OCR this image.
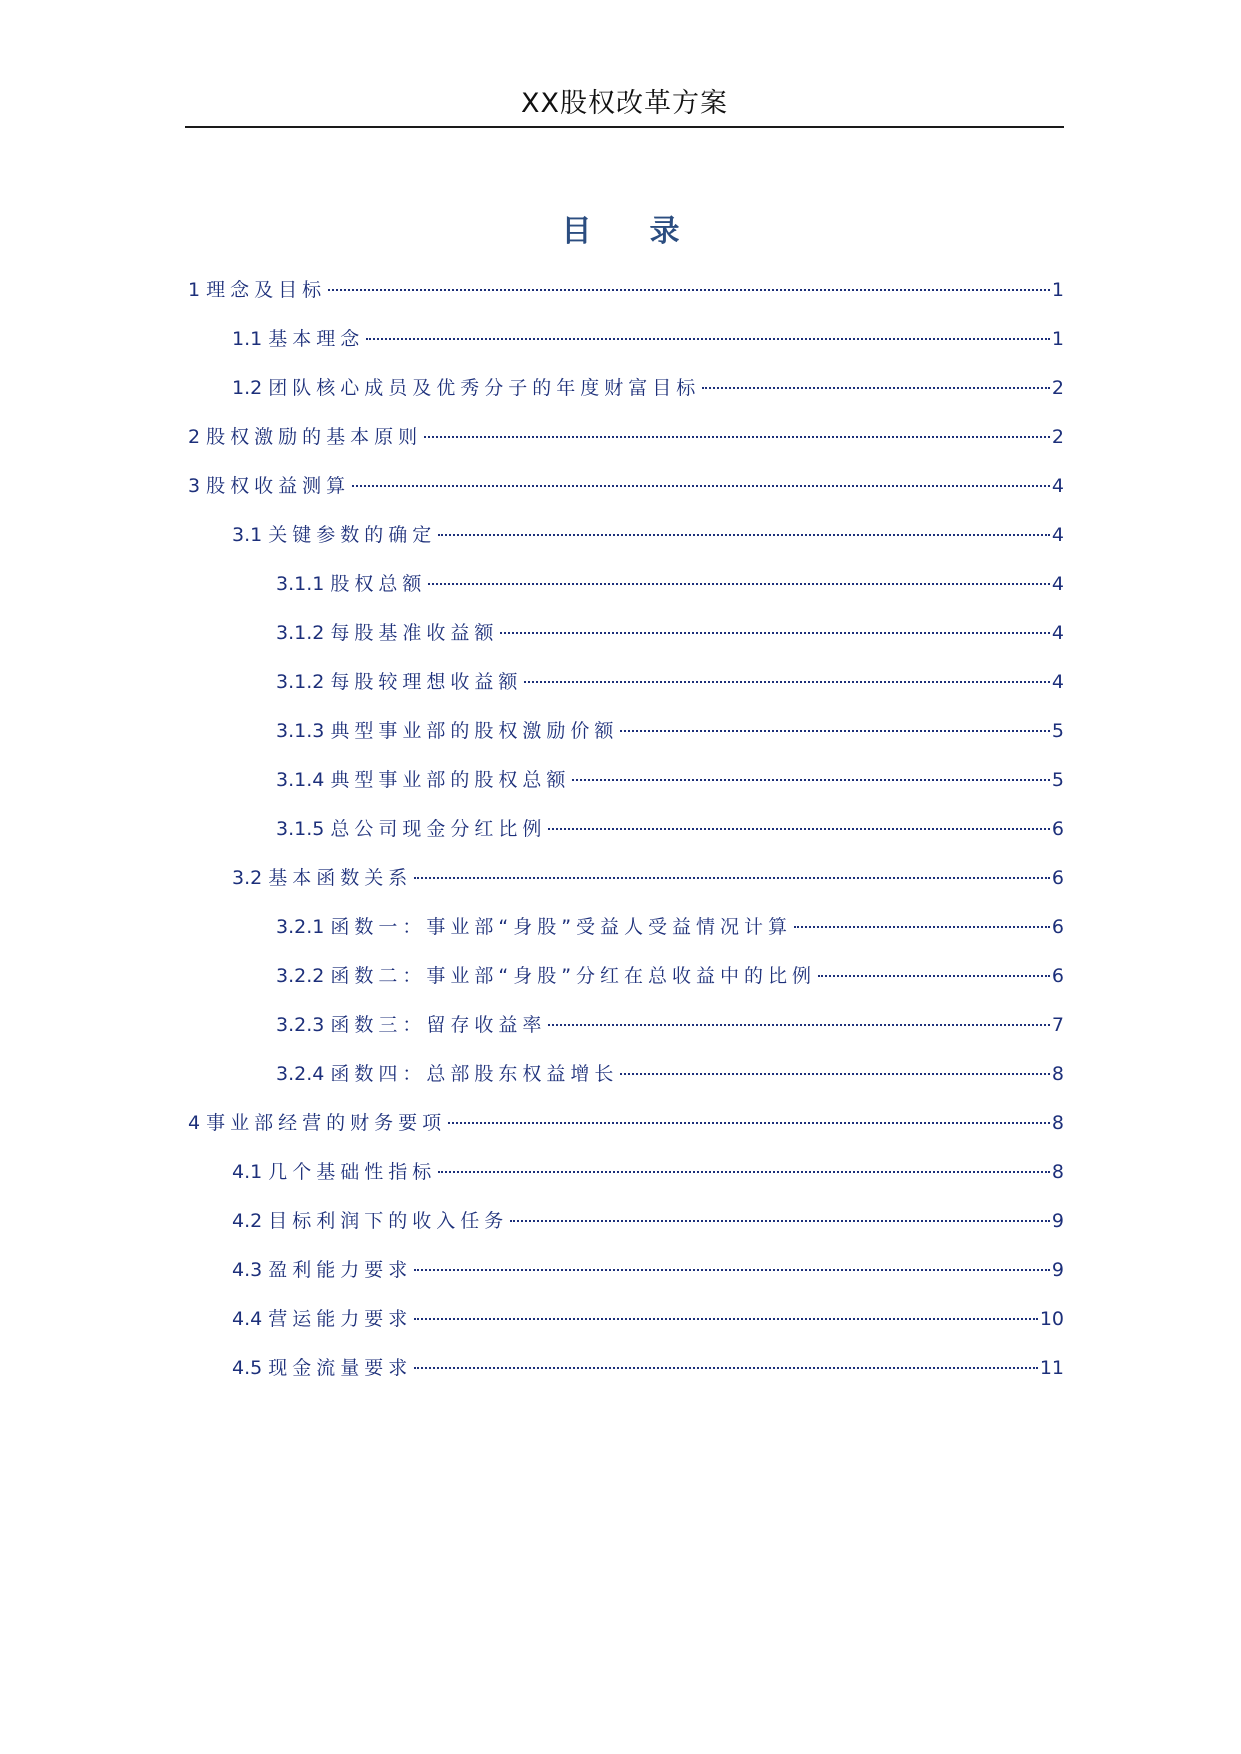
XX股权改革方案
目录
1 理念及目标	1
1.1 基本理念	1
1.2 团队核心成员及优秀分子的年度财富目标	2
2 股权激励的基本原则	2
3 股权收益测算	4
3.1 关键参数的确定	4
3.1.1 股权总额	4
3.1.2 每股基准收益额	4
3.1.2 每股较理想收益额	4
3.1.3 典型事业部的股权激励价额	5
3.1.4 典型事业部的股权总额	5
3.1.5 总公司现金分红比例	6
3.2 基本函数关系	6
3.2.1 函数一：事业部“身股”受益人受益情况计算	6
3.2.2 函数二：事业部“身股”分红在总收益中的比例	6
3.2.3 函数三：留存收益率	7
3.2.4 函数四：总部股东权益增长	8
4 事业部经营的财务要项	8
4.1 几个基础性指标	8
4.2 目标利润下的收入任务	9
4.3 盈利能力要求	9
4.4 营运能力要求	10
4.5 现金流量要求	11
